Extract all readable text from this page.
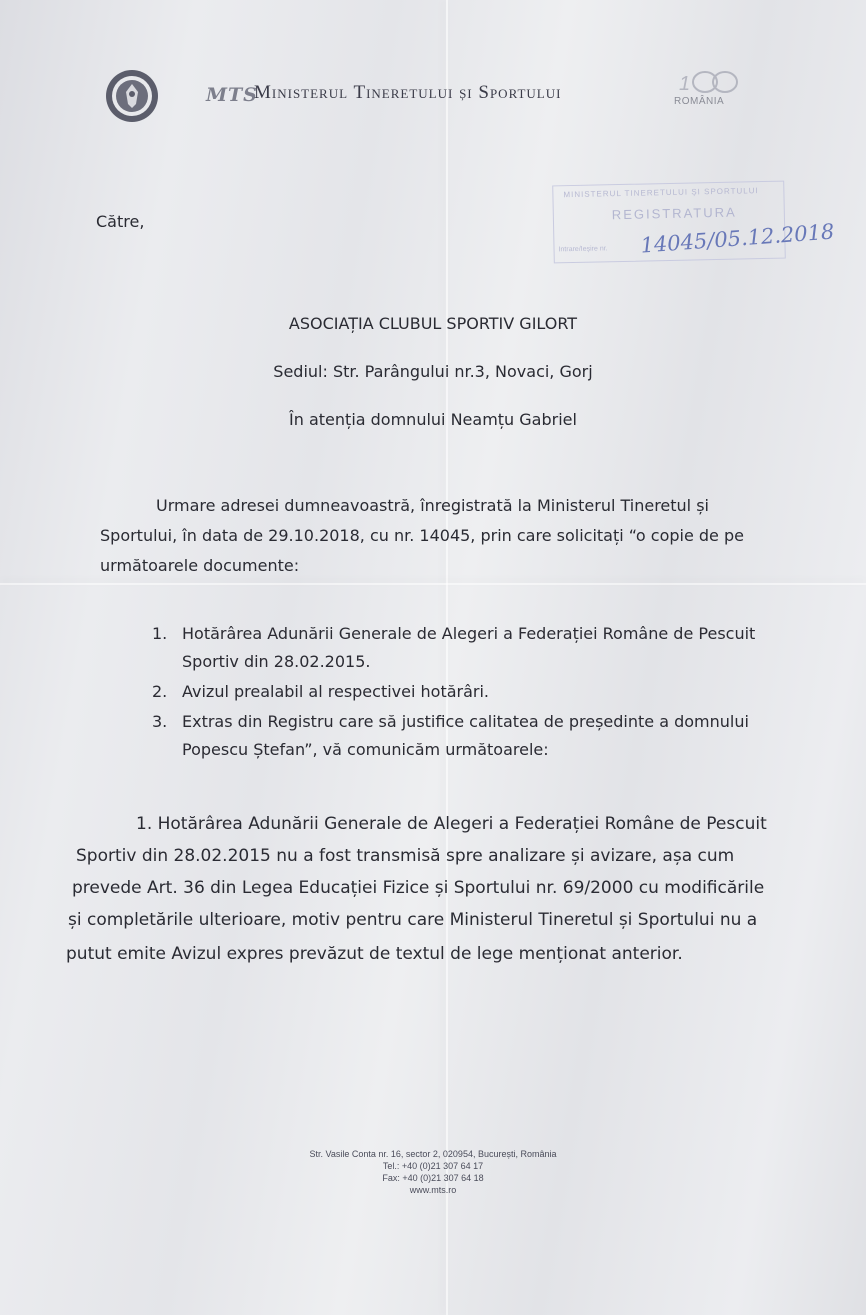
MTS
Ministerul Tineretului și Sportului	1
ROMÂNIA
MINISTERUL TINERETULUI ȘI SPORTULUI
REGISTRATURA
Intrare/Ieșire nr. 14045/05.12.2018
Către,
ASOCIAȚIA CLUBUL SPORTIV GILORT
Sediul: Str. Parângului nr.3, Novaci, Gorj
În atenția domnului Neamțu Gabriel
Urmare adresei dumneavoastră, înregistrată la Ministerul Tineretul și
Sportului, în data de 29.10.2018, cu nr. 14045, prin care solicitați “o copie de pe
următoarele documente:
1. Hotărârea Adunării Generale de Alegeri a Federației Române de Pescuit
Sportiv din 28.02.2015.
2. Avizul prealabil al respectivei hotărâri.
3. Extras din Registru care să justifice calitatea de președinte a domnului
Popescu Ștefan”, vă comunicăm următoarele:
1. Hotărârea Adunării Generale de Alegeri a Federației Române de Pescuit
Sportiv din 28.02.2015 nu a fost transmisă spre analizare și avizare, așa cum
prevede Art. 36 din Legea Educației Fizice și Sportului nr. 69/2000 cu modificările
și completările ulterioare, motiv pentru care Ministerul Tineretul și Sportului nu a
putut emite Avizul expres prevăzut de textul de lege menționat anterior.
Str. Vasile Conta nr. 16, sector 2, 020954, București, România
Tel.: +40 (0)21 307 64 17
Fax: +40 (0)21 307 64 18
www.mts.ro
